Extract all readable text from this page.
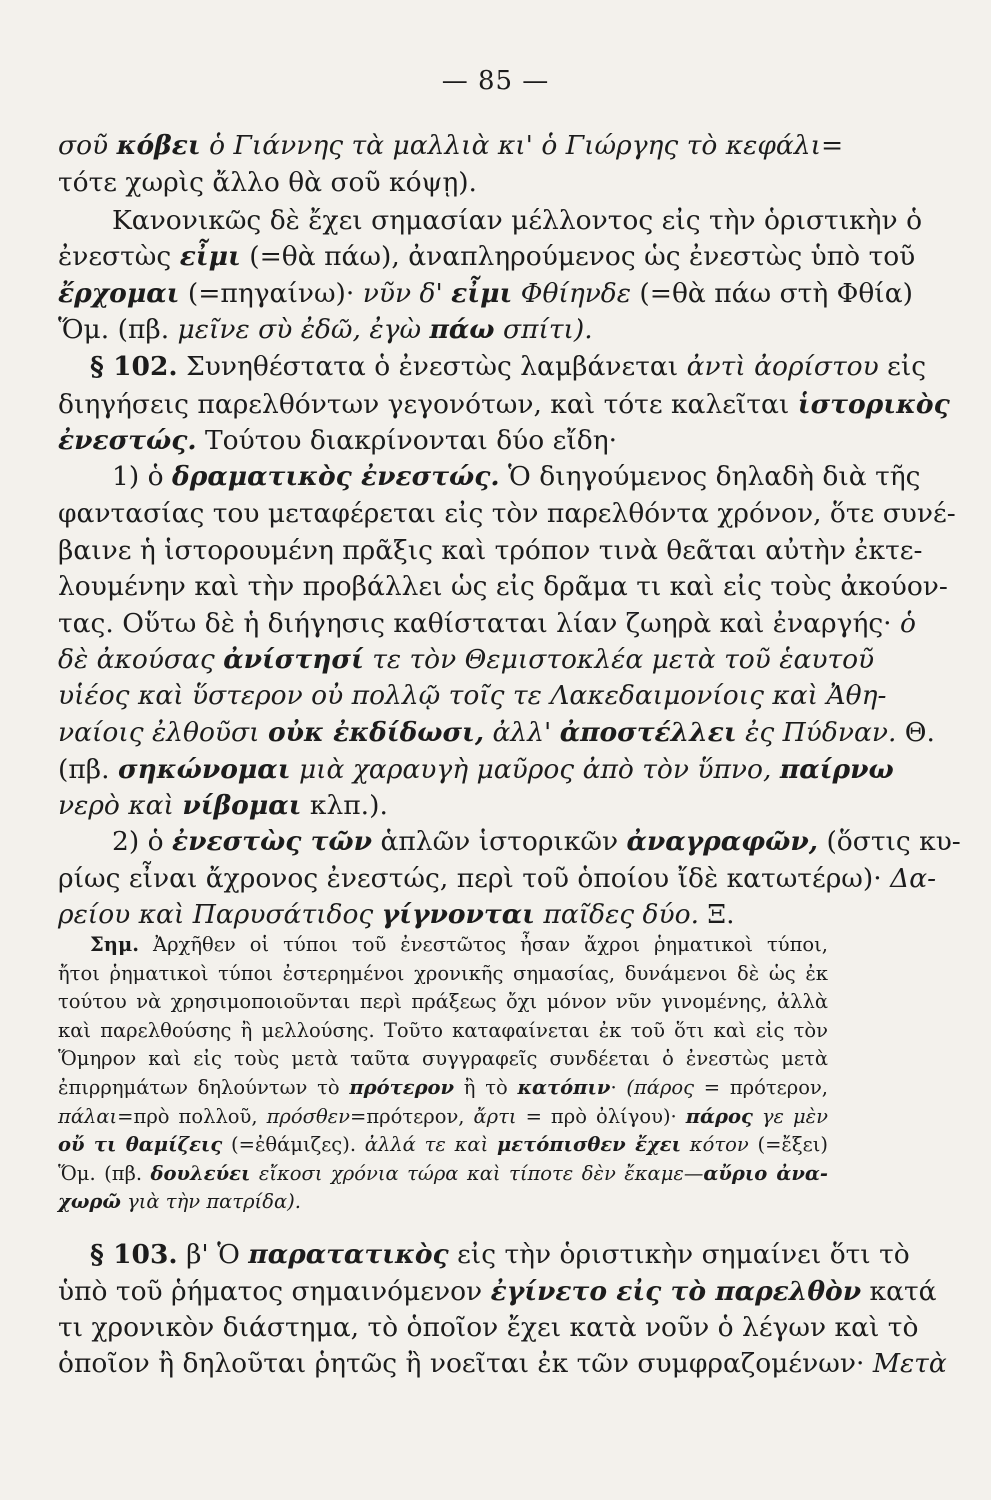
— 85 —
σοῦ κόβει ὁ Γιάννης τὰ μαλλιὰ κι' ὁ Γιώργης τὸ κεφάλι=
τότε χωρὶς ἄλλο θὰ σοῦ κόψῃ).
Κανονικῶς δὲ ἔχει σημασίαν μέλλοντος εἰς τὴν ὁριστικὴν ὁ
ἐνεστὼς εἶμι (=θὰ πάω), ἀναπληρούμενος ὡς ἐνεστὼς ὑπὸ τοῦ
ἔρχομαι (=πηγαίνω)· νῦν δ' εἶμι Φθίηνδε (=θὰ πάω στὴ Φθία)
Ὅμ. (πβ. μεῖνε σὺ ἐδῶ, ἐγὼ πάω σπίτι).
§ 102. Συνηθέστατα ὁ ἐνεστὼς λαμβάνεται ἀντὶ ἀορίστου εἰς
διηγήσεις παρελθόντων γεγονότων, καὶ τότε καλεῖται ἱστορικὸς
ἐνεστώς. Τούτου διακρίνονται δύο εἴδη·
1) ὁ δραματικὸς ἐνεστώς. Ὁ διηγούμενος δηλαδὴ διὰ τῆς
φαντασίας του μεταφέρεται εἰς τὸν παρελθόντα χρόνον, ὅτε συνέ-
βαινε ἡ ἱστορουμένη πρᾶξις καὶ τρόπον τινὰ θεᾶται αὐτὴν ἐκτε-
λουμένην καὶ τὴν προβάλλει ὡς εἰς δρᾶμα τι καὶ εἰς τοὺς ἀκούον-
τας. Οὕτω δὲ ἡ διήγησις καθίσταται λίαν ζωηρὰ καὶ ἐναργής· ὁ
δὲ ἀκούσας ἀνίστησί τε τὸν Θεμιστοκλέα μετὰ τοῦ ἑαυτοῦ
υἱέος καὶ ὕστερον οὐ πολλῷ τοῖς τε Λακεδαιμονίοις καὶ Ἀθη-
ναίοις ἐλθοῦσι οὐκ ἐκδίδωσι, ἀλλ' ἀποστέλλει ἐς Πύδναν. Θ.
(πβ. σηκώνομαι μιὰ χαραυγὴ μαῦρος ἀπὸ τὸν ὕπνο, παίρνω
νερὸ καὶ νίβομαι κλπ.).
2) ὁ ἐνεστὼς τῶν ἁπλῶν ἱστορικῶν ἀναγραφῶν, (ὅστις κυ-
ρίως εἶναι ἄχρονος ἐνεστώς, περὶ τοῦ ὁποίου ἴδὲ κατωτέρω)· Δα-
ρείου καὶ Παρυσάτιδος γίγνονται παῖδες δύο. Ξ.
Σημ. Ἀρχῆθεν οἱ τύποι τοῦ ἐνεστῶτος ἦσαν ἄχροι ῥηματικοὶ τύποι,
ἤτοι ῥηματικοὶ τύποι ἐστερημένοι χρονικῆς σημασίας, δυνάμενοι δὲ ὡς ἐκ
τούτου νὰ χρησιμοποιοῦνται περὶ πράξεως ὄχι μόνον νῦν γινομένης, ἀλλὰ
καὶ παρελθούσης ἢ μελλούσης. Τοῦτο καταφαίνεται ἐκ τοῦ ὅτι καὶ εἰς τὸν
Ὅμηρον καὶ εἰς τοὺς μετὰ ταῦτα συγγραφεῖς συνδέεται ὁ ἐνεστὼς μετὰ
ἐπιρρημάτων δηλούντων τὸ πρότερον ἢ τὸ κατόπιν· (πάρος = πρότερον,
πάλαι=πρὸ πολλοῦ, πρόσθεν=πρότερον, ἄρτι = πρὸ ὀλίγου)· πάρος γε μὲν
οὔ τι θαμίζεις (=ἐθάμιζες). ἀλλά τε καὶ μετόπισθεν ἔχει κότον (=ἔξει)
Ὅμ. (πβ. δουλεύει εἴκοσι χρόνια τώρα καὶ τίποτε δὲν ἔκαμε—αὔριο ἀνα-
χωρῶ γιὰ τὴν πατρίδα).
§ 103. β' Ὁ παρατατικὸς εἰς τὴν ὁριστικὴν σημαίνει ὅτι τὸ
ὑπὸ τοῦ ῥήματος σημαινόμενον ἐγίνετο εἰς τὸ παρελθὸν κατά
τι χρονικὸν διάστημα, τὸ ὁποῖον ἔχει κατὰ νοῦν ὁ λέγων καὶ τὸ
ὁποῖον ἢ δηλοῦται ῥητῶς ἢ νοεῖται ἐκ τῶν συμφραζομένων· Μετὰ
